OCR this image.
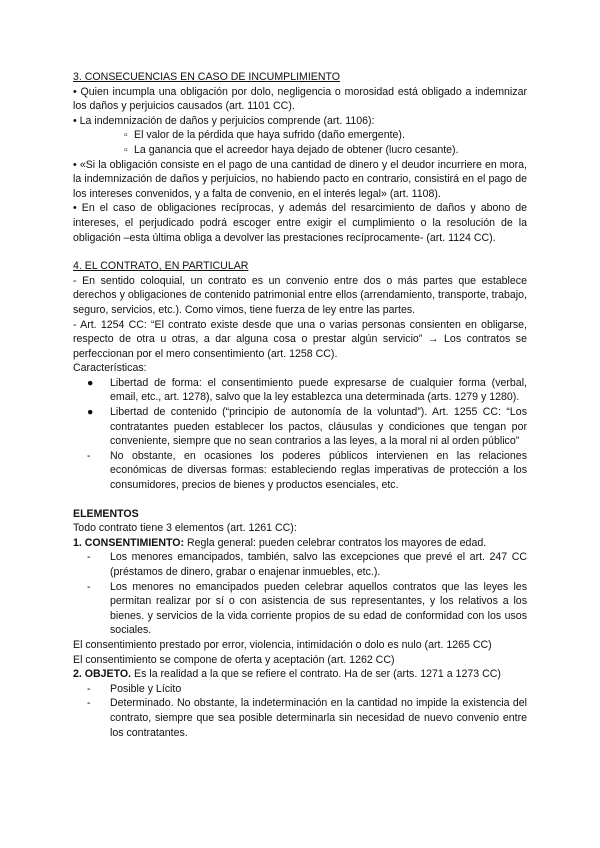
3. CONSECUENCIAS EN CASO DE INCUMPLIMIENTO

• Quien incumpla una obligación por dolo, negligencia o morosidad está obligado a indemnizar los daños y perjuicios causados (art. 1101 CC).

• La indemnización de daños y perjuicios comprende (art. 1106):

▫ El valor de la pérdida que haya sufrido (daño emergente).

▫ La ganancia que el acreedor haya dejado de obtener (lucro cesante).

• «Si la obligación consiste en el pago de una cantidad de dinero y el deudor incurriere en mora, la indemnización de daños y perjuicios, no habiendo pacto en contrario, consistirá en el pago de los intereses convenidos, y a falta de convenio, en el interés legal» (art. 1108).

• En el caso de obligaciones recíprocas, y además del resarcimiento de daños y abono de intereses, el perjudicado podrá escoger entre exigir el cumplimiento o la resolución de la obligación –esta última obliga a devolver las prestaciones recíprocamente- (art. 1124 CC).

4. EL CONTRATO, EN PARTICULAR

- En sentido coloquial, un contrato es un convenio entre dos o más partes que establece derechos y obligaciones de contenido patrimonial entre ellos (arrendamiento, transporte, trabajo, seguro, servicios, etc.). Como vimos, tiene fuerza de ley entre las partes.

- Art. 1254 CC: “El contrato existe desde que una o varias personas consienten en obligarse, respecto de otra u otras, a dar alguna cosa o prestar algún servicio” → Los contratos se perfeccionan por el mero consentimiento (art. 1258 CC).

Características:

● Libertad de forma: el consentimiento puede expresarse de cualquier forma (verbal, email, etc., art. 1278), salvo que la ley establezca una determinada (arts. 1279 y 1280).
● Libertad de contenido (“principio de autonomía de la voluntad”). Art. 1255 CC: “Los contratantes pueden establecer los pactos, cláusulas y condiciones que tengan por conveniente, siempre que no sean contrarios a las leyes, a la moral ni al orden público”
- No obstante, en ocasiones los poderes públicos intervienen en las relaciones económicas de diversas formas: estableciendo reglas imperativas de protección a los consumidores, precios de bienes y productos esenciales, etc.

ELEMENTOS

Todo contrato tiene 3 elementos (art. 1261 CC):

1. CONSENTIMIENTO: Regla general: pueden celebrar contratos los mayores de edad.

- Los menores emancipados, también, salvo las excepciones que prevé el art. 247 CC (préstamos de dinero, grabar o enajenar inmuebles, etc.).
- Los menores no emancipados pueden celebrar aquellos contratos que las leyes les permitan realizar por sí o con asistencia de sus representantes, y los relativos a los bienes. y servicios de la vida corriente propios de su edad de conformidad con los usos sociales.

El consentimiento prestado por error, violencia, intimidación o dolo es nulo (art. 1265 CC)

El consentimiento se compone de oferta y aceptación (art. 1262 CC)

2. OBJETO. Es la realidad a la que se refiere el contrato. Ha de ser (arts. 1271 a 1273 CC)

- Posible y Lícito
- Determinado. No obstante, la indeterminación en la cantidad no impide la existencia del contrato, siempre que sea posible determinarla sin necesidad de nuevo convenio entre los contratantes.
